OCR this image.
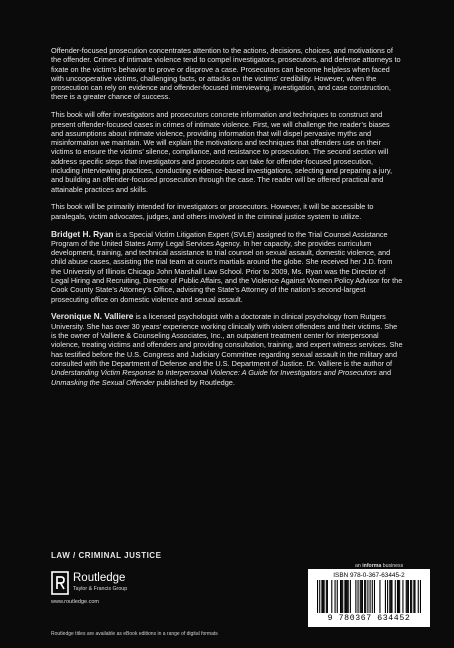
Offender-focused prosecution concentrates attention to the actions, decisions, choices, and motivations of the offender. Crimes of intimate violence tend to compel investigators, prosecutors, and defense attorneys to fixate on the victim’s behavior to prove or disprove a case. Prosecutors can become helpless when faced with uncooperative victims, challenging facts, or attacks on the victims’ credibility. However, when the prosecution can rely on evidence and offender-focused interviewing, investigation, and case construction, there is a greater chance of success.

This book will offer investigators and prosecutors concrete information and techniques to construct and present offender-focused cases in crimes of intimate violence. First, we will challenge the reader’s biases and assumptions about intimate violence, providing information that will dispel pervasive myths and misinformation we maintain. We will explain the motivations and techniques that offenders use on their victims to ensure the victims’ silence, compliance, and resistance to prosecution. The second section will address specific steps that investigators and prosecutors can take for offender-focused prosecution, including interviewing practices, conducting evidence-based investigations, selecting and preparing a jury, and building an offender-focused prosecution through the case. The reader will be offered practical and attainable practices and skills.

This book will be primarily intended for investigators or prosecutors. However, it will be accessible to paralegals, victim advocates, judges, and others involved in the criminal justice system to utilize.

Bridget H. Ryan is a Special Victim Litigation Expert (SVLE) assigned to the Trial Counsel Assistance Program of the United States Army Legal Services Agency. In her capacity, she provides curriculum development, training, and technical assistance to trial counsel on sexual assault, domestic violence, and child abuse cases, assisting the trial team at court’s martials around the globe. She received her J.D. from the University of Illinois Chicago John Marshall Law School. Prior to 2009, Ms. Ryan was the Director of Legal Hiring and Recruiting, Director of Public Affairs, and the Violence Against Women Policy Advisor for the Cook County State’s Attorney’s Office, advising the State’s Attorney of the nation’s second-largest prosecuting office on domestic violence and sexual assault.

Veronique N. Valliere is a licensed psychologist with a doctorate in clinical psychology from Rutgers University. She has over 30 years’ experience working clinically with violent offenders and their victims. She is the owner of Valliere & Counseling Associates, Inc., an outpatient treatment center for interpersonal violence, treating victims and offenders and providing consultation, training, and expert witness services. She has testified before the U.S. Congress and Judiciary Committee regarding sexual assault in the military and consulted with the Department of Defense and the U.S. Department of Justice. Dr. Valliere is the author of Understanding Victim Response to Interpersonal Violence: A Guide for Investigators and Prosecutors and Unmasking the Sexual Offender published by Routledge.

LAW / CRIMINAL JUSTICE
an informa business
Routledge
Taylor & Francis Group
www.routledge.com
Routledge titles are available as eBook editions in a range of digital formats
ISBN 978-0-367-63445-2
9 780367 634452
